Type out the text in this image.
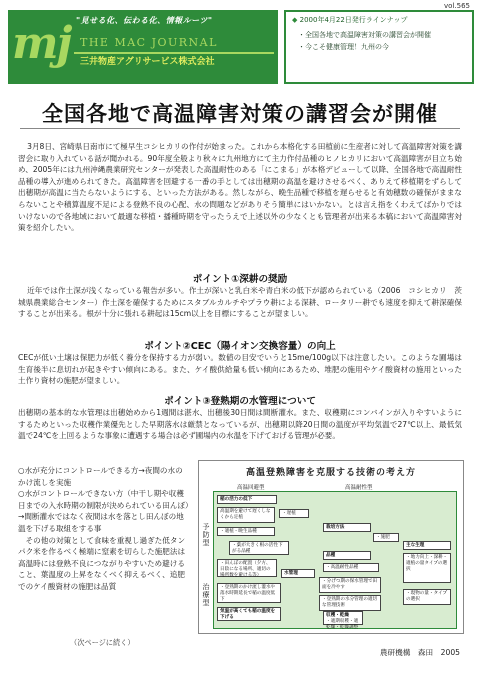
vol.565
"見せる化、伝わる化、情報ルーツ"
mj THE MAC JOURNAL
三井物産アグリサービス株式会社
◆ 2000年4月22日発行ラインナップ
・全国各地で高温障害対策の講習会が開催
・今こそ健康管理！九州の今
全国各地で高温障害対策の講習会が開催
3月8日、宮崎県日南市にて極早生コシヒカリの作付が始まった。これから本格化する田植前に生産者に対して高温障害対策を講習会に取り入れている話が聞かれる。90年度全般より秋々に九州地方にて主力作付品種のヒノヒカリにおいて高温障害が目立ち始め、2005年には九州沖縄農業研究センターが発表した高温耐性のある「にこまる」が本格デビューして以降、全国各地で高温耐性品種の導入が進められてきた。高温障害を回避する一番の手としては出穂期の高温を避けさせるべく、ありえて移植期をずらして出穂期が高温に当たらないようにする、といった方法がある。然しながら、晩生品種で移植を遅らせると有効穂数の確保がままならないことや積算温度不足による登熟不良の心配、水の問題などがありそう簡単にはいかない。とは言え指をくわえてばかりではいけないので各地域において最適な移植・播種時期を守ったうえで上述以外の少なくとも管理者が出来る本稿において高温障害対策を紹介したい。
ポイント①深耕の奨励
近年では作土深が浅くなっている報告が多い。作土が深いと乳白米や青白米の低下が認められている（2006　コシヒカリ　茨城県農業総合センター）作土深を確保するためにスタブルカルチやプラウ耕による深耕、ロータリー耕でも速度を抑えて耕深確保することが出来る。根が十分に張れる耕起は15cm以上を目標にすることが望ましい。
ポイント②CEC（陽イオン交換容量）の向上
CECが低い土壌は保肥力が低く養分を保持する力が弱い。数値の目安でいうと15me/100g以下は注意したい。このような圃場は生育後半に息切れが起きやすい傾向にある。また、ケイ酸供給量も低い傾向にあるため、堆肥の施用やケイ酸資材の施用といった土作り資材の施肥が望ましい。
ポイント③登熟期の水管理について
出穂期の基本的な水管理は出穂始めから1週間は湛水、出穂後30日間は間断灌水。また、収穫期にコンバインが入りやすいようにするためといった収穫作業優先とした早期落水は厳禁となっているが、出穂期以降20日間の温度が平均気温で27℃以上、最低気温で24℃を上回るような事象に遭遇する場合は必ず圃場内の水温を下げておげる管理が必要。
○水が充分にコントロールできる方→夜間の水のかけ流しを実施
○水がコントロールできない方（中干し期や収穫日までの入水時期の制限が決められている田んぼ）→間断灌水ではなく夜間は水を落とし田んぼの地温を下げる取組をする事
その他の対策として食味を重視し過ぎた低タンパク米を作るべく極端に窒素を切らした施肥法は高温時には登熟不良につながりやすいため避けること、葉温度の上昇をなくべく抑えるべく、追肥でのケイ酸資材の施肥は品質
（次ページに続く）
高温登熟障害を克服する技術の考え方
高温回避型	高温耐性型
予防型
治療型
稲の活力の低下
高温期を避けて遅くしなくから定植
・遅植
・適植・晩生品種
・葉が大きく根の活性下がる品種
・田んぼの配置（夕方、日陰になる場所、適切の場所数を避ける等）	水管理
・登熟期のかけ流し灌水や落水時期延長で稲の温度低下
気温が高くても稲の温度を下げる
栽培方法
・施肥
品種
・高温耐性品種
・分げつ期の保水管理で田面を冷やす
・登熟期の水分管理の適切な管理技術
収穫・乾燥
・適期収穫・適乾燥・乾燥調整
主な生理
・地力向上・深耕・適植の量タイプの選択
・現物の量・タイプの選択
農研機構　森田　2005
